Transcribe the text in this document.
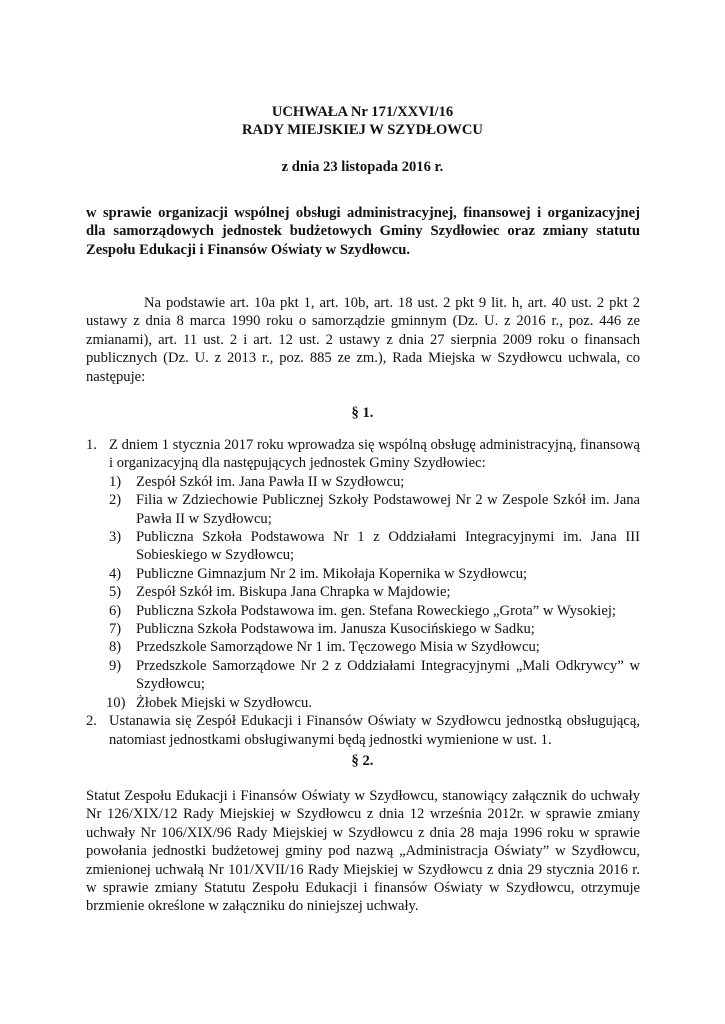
UCHWAŁA Nr 171/XXVI/16
RADY MIEJSKIEJ W SZYDŁOWCU
z dnia 23 listopada 2016 r.
w sprawie organizacji wspólnej obsługi administracyjnej, finansowej i organizacyjnej dla samorządowych jednostek budżetowych Gminy Szydłowiec oraz zmiany statutu Zespołu Edukacji i Finansów Oświaty w Szydłowcu.
Na podstawie art. 10a pkt 1, art. 10b, art. 18 ust. 2 pkt 9 lit. h, art. 40 ust. 2 pkt 2 ustawy z dnia 8 marca 1990 roku o samorządzie gminnym (Dz. U. z 2016 r., poz. 446 ze zmianami), art. 11 ust. 2 i art. 12 ust. 2 ustawy z dnia 27 sierpnia 2009 roku o finansach publicznych (Dz. U. z 2013 r., poz. 885 ze zm.), Rada Miejska w Szydłowcu uchwala, co następuje:
§ 1.
1. Z dniem 1 stycznia 2017 roku wprowadza się wspólną obsługę administracyjną, finansową i organizacyjną dla następujących jednostek Gminy Szydłowiec:
1) Zespół Szkół im. Jana Pawła II w Szydłowcu;
2) Filia w Zdziechowie Publicznej Szkoły Podstawowej Nr 2 w Zespole Szkół im. Jana Pawła II w Szydłowcu;
3) Publiczna Szkoła Podstawowa Nr 1 z Oddziałami Integracyjnymi im. Jana III Sobieskiego w Szydłowcu;
4) Publiczne Gimnazjum Nr 2 im. Mikołaja Kopernika w Szydłowcu;
5) Zespół Szkół im. Biskupa Jana Chrapka w Majdowie;
6) Publiczna Szkoła Podstawowa im. gen. Stefana Roweckiego „Grota” w Wysokiej;
7) Publiczna Szkoła Podstawowa im. Janusza Kusocińskiego w Sadku;
8) Przedszkole Samorządowe Nr 1 im. Tęczowego Misia w Szydłowcu;
9) Przedszkole Samorządowe Nr 2 z Oddziałami Integracyjnymi „Mali Odkrywcy” w Szydłowcu;
10) Żłobek Miejski w Szydłowcu.
2. Ustanawia się Zespół Edukacji i Finansów Oświaty w Szydłowcu jednostką obsługującą, natomiast jednostkami obsługiwanymi będą jednostki wymienione w ust. 1.
§ 2.
Statut Zespołu Edukacji i Finansów Oświaty w Szydłowcu, stanowiący załącznik do uchwały Nr 126/XIX/12 Rady Miejskiej w Szydłowcu z dnia 12 września 2012r. w sprawie zmiany uchwały Nr 106/XIX/96 Rady Miejskiej w Szydłowcu z dnia 28 maja 1996 roku w sprawie powołania jednostki budżetowej gminy pod nazwą „Administracja Oświaty” w Szydłowcu, zmienionej uchwałą Nr 101/XVII/16 Rady Miejskiej w Szydłowcu z dnia 29 stycznia 2016 r. w sprawie zmiany Statutu Zespołu Edukacji i finansów Oświaty w Szydłowcu, otrzymuje brzmienie określone w załączniku do niniejszej uchwały.
